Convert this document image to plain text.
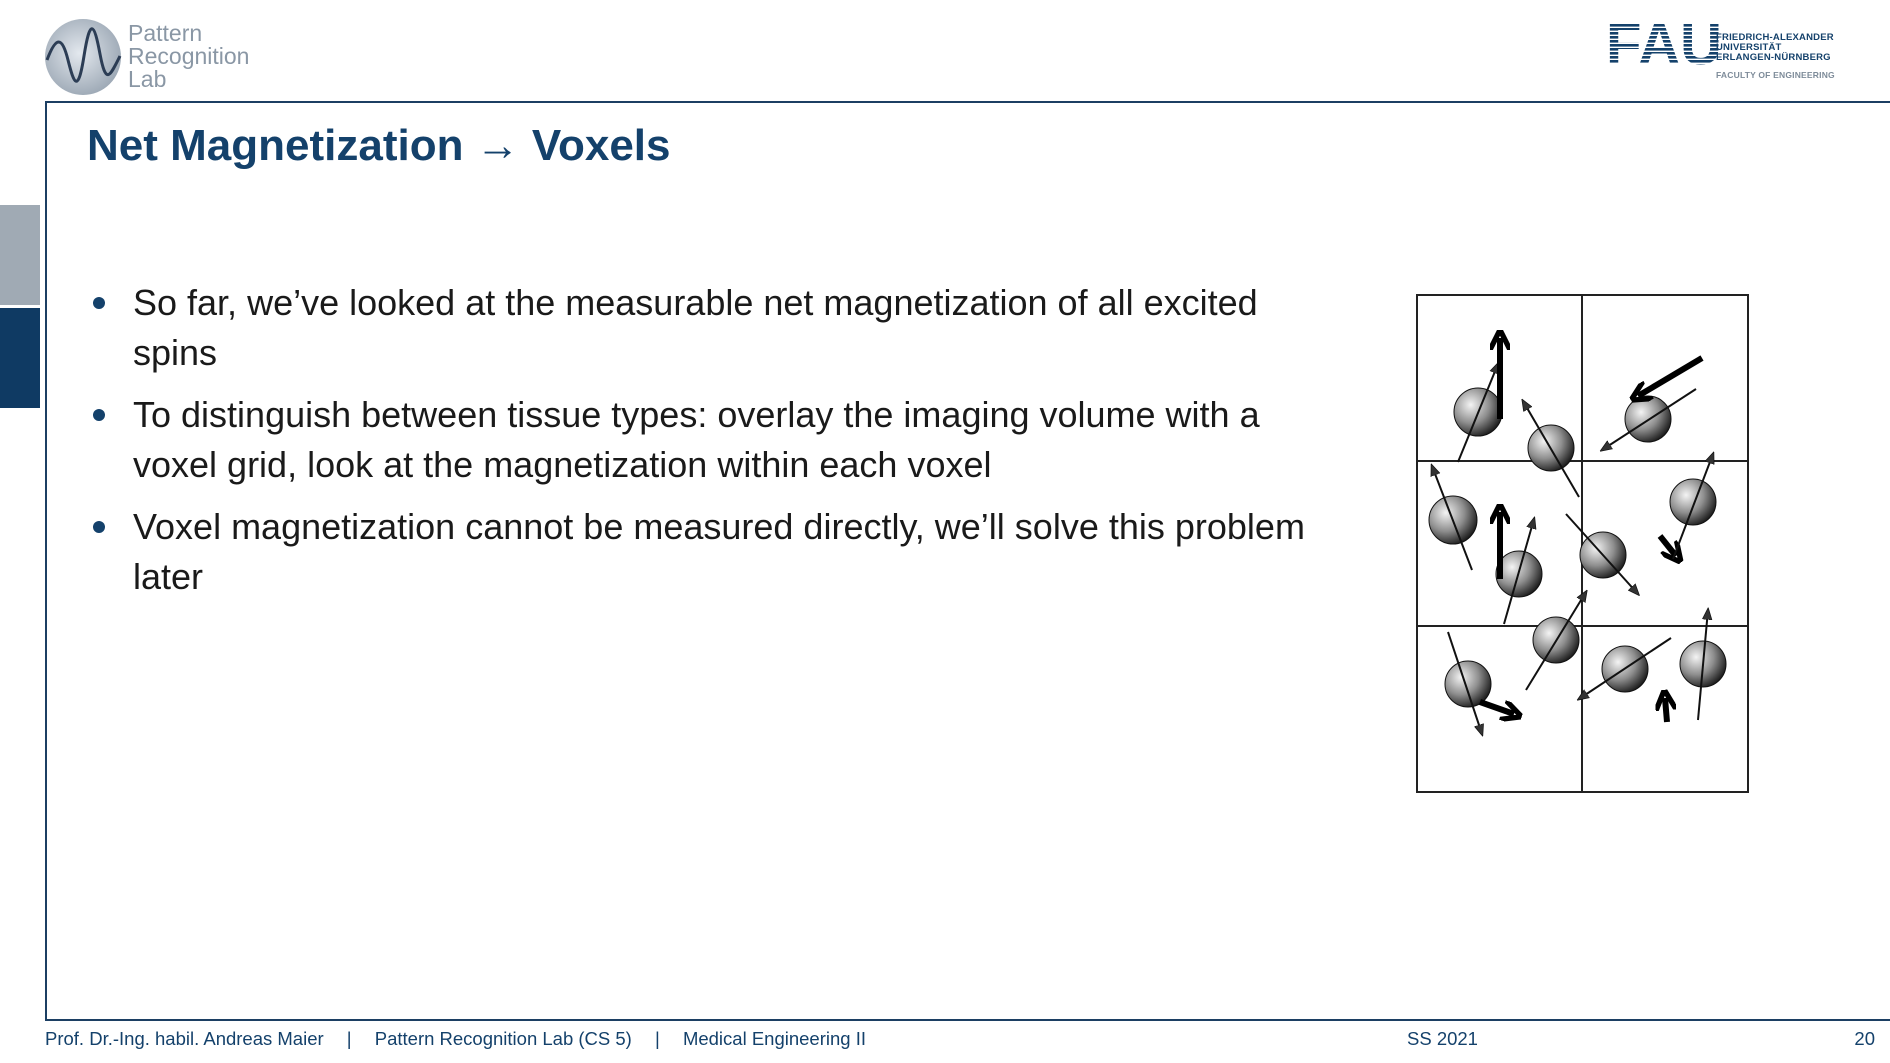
Pattern
Recognition
Lab
FAU
FRIEDRICH-ALEXANDER
UNIVERSITÄT
ERLANGEN-NÜRNBERG
FACULTY OF ENGINEERING
Net Magnetization → Voxels
So far, we’ve looked at the measurable net magnetization of all excited spins
To distinguish between tissue types: overlay the imaging volume with a voxel grid, look at the magnetization within each voxel
Voxel magnetization cannot be measured directly, we’ll solve this problem later
Prof. Dr.-Ing. habil. Andreas Maier | Pattern Recognition Lab (CS 5) | Medical Engineering II	SS 2021	20
